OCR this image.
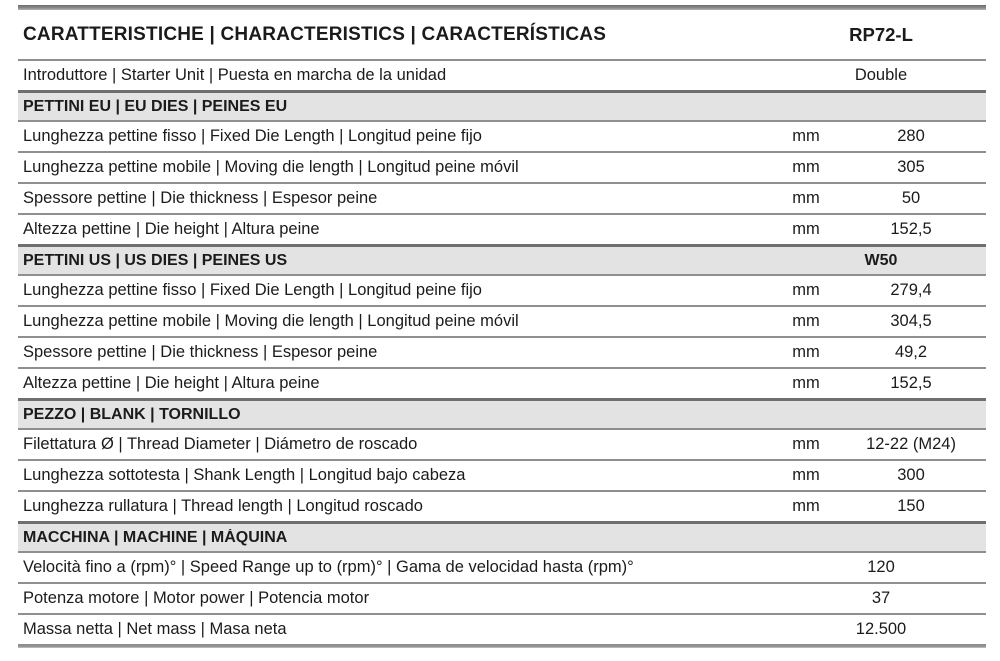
CARATTERISTICHE | CHARACTERISTICS | CARACTERÍSTICAS	RP72-L
Introduttore | Starter Unit | Puesta en marcha de la unidad	Double
PETTINI EU | EU DIES | PEINES EU
Lunghezza pettine fisso | Fixed Die Length | Longitud peine fijo	mm	280
Lunghezza pettine mobile | Moving die length | Longitud peine móvil	mm	305
Spessore pettine | Die thickness | Espesor peine	mm	50
Altezza pettine | Die height | Altura peine	mm	152,5
PETTINI US | US DIES | PEINES US	W50
Lunghezza pettine fisso | Fixed Die Length | Longitud peine fijo	mm	279,4
Lunghezza pettine mobile | Moving die length | Longitud peine móvil	mm	304,5
Spessore pettine | Die thickness | Espesor peine	mm	49,2
Altezza pettine | Die height | Altura peine	mm	152,5
PEZZO | BLANK | TORNILLO
Filettatura Ø | Thread Diameter | Diámetro de roscado	mm	12-22 (M24)
Lunghezza sottotesta | Shank Length | Longitud bajo cabeza	mm	300
Lunghezza rullatura | Thread length | Longitud roscado	mm	150
MACCHINA | MACHINE | MÁQUINA
Velocità fino a (rpm)° | Speed Range up to (rpm)° | Gama de velocidad hasta (rpm)°	120
Potenza motore | Motor power | Potencia motor	37
Massa netta | Net mass | Masa neta	12.500
